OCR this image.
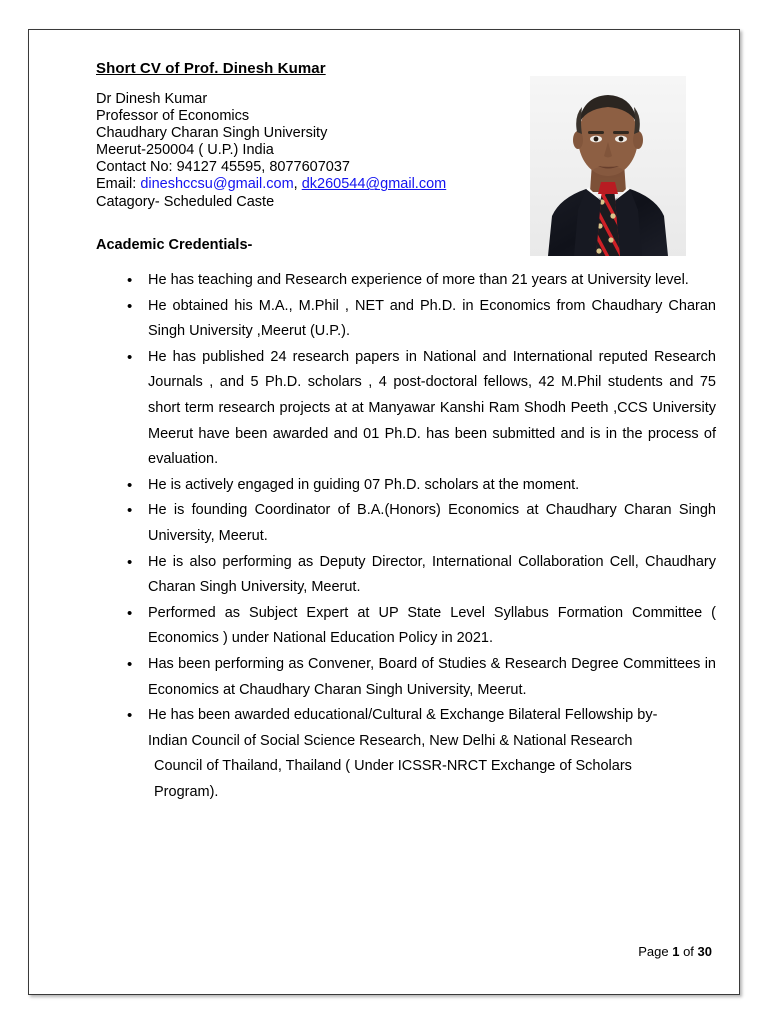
Short CV of Prof. Dinesh Kumar
Dr Dinesh Kumar
Professor of Economics
Chaudhary Charan Singh University
Meerut-250004 ( U.P.) India
Contact No: 94127 45595, 8077607037
Email: dineshccsu@gmail.com, dk260544@gmail.com
Catagory- Scheduled Caste
Academic Credentials-
• He has teaching and Research experience of more than 21 years at University level.
• He obtained his M.A., M.Phil , NET and Ph.D. in Economics from Chaudhary Charan Singh University ,Meerut (U.P.).
• He has published 24 research papers in National and International reputed Research Journals , and 5 Ph.D. scholars , 4 post-doctoral fellows, 42 M.Phil students and 75 short term research projects at at Manyawar Kanshi Ram Shodh Peeth ,CCS University Meerut have been awarded and 01 Ph.D. has been submitted and is in the process of evaluation.
• He is actively engaged in guiding 07 Ph.D. scholars at the moment.
• He is founding Coordinator of B.A.(Honors) Economics at Chaudhary Charan Singh University, Meerut.
• He is also performing as Deputy Director, International Collaboration Cell, Chaudhary Charan Singh University, Meerut.
• Performed as Subject Expert at UP State Level Syllabus Formation Committee ( Economics ) under National Education Policy in 2021.
• Has been performing as Convener, Board of Studies & Research Degree Committees in Economics at Chaudhary Charan Singh University, Meerut.
• He has been awarded educational/Cultural & Exchange Bilateral Fellowship by-
Indian Council of Social Science Research, New Delhi & National Research
Council of Thailand, Thailand ( Under ICSSR-NRCT Exchange of Scholars
Program).
Page 1 of 30
